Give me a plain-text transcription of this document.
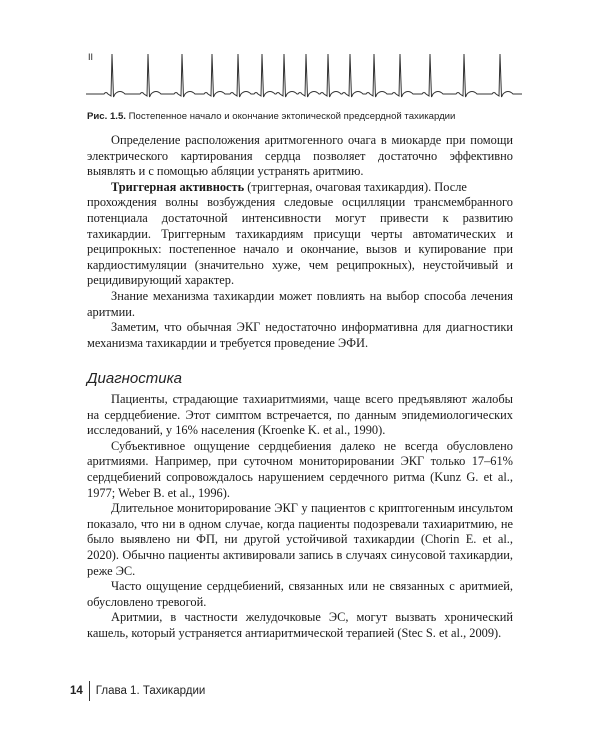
II
Рис. 1.5. Постепенное начало и окончание эктопической предсердной тахикардии

Определение расположения аритмогенного очага в миокарде при помощи электрического картирования сердца позволяет достаточно эффективно выявлять и с помощью абляции устранять аритмию.

Триггерная активность (триггерная, очаговая тахикардия). После

прохождения волны возбуждения следовые осцилляции трансмембранного потенциала достаточной интенсивности могут привести к развитию тахикардии. Триггерным тахикардиям присущи черты автоматических и реципрокных: постепенное начало и окончание, вызов и купирование при кардиостимуляции (значительно хуже, чем реципрокных), неустойчивый и рецидивирующий характер.

Знание механизма тахикардии может повлиять на выбор способа лечения аритмии.

Заметим, что обычная ЭКГ недостаточно информативна для диагностики механизма тахикардии и требуется проведение ЭФИ.

Диагностика

Пациенты, страдающие тахиаритмиями, чаще всего предъявляют жалобы на сердцебиение. Этот симптом встречается, по данным эпидемиологических исследований, у 16% населения (Kroenke K. et al., 1990).

Субъективное ощущение сердцебиения далеко не всегда обусловлено аритмиями. Например, при суточном мониторировании ЭКГ только 17–61% сердцебиений сопровождалось нарушением сердечного ритма (Kunz G. et al., 1977; Weber B. et al., 1996).

Длительное мониторирование ЭКГ у пациентов с криптогенным инсультом показало, что ни в одном случае, когда пациенты подозревали тахиаритмию, не было выявлено ни ФП, ни другой устойчивой тахикардии (Chorin E. et al., 2020). Обычно пациенты активировали запись в случаях синусовой тахикардии, реже ЭС.

Часто ощущение сердцебиений, связанных или не связанных с аритмией, обусловлено тревогой.

Аритмии, в частности желудочковые ЭС, могут вызвать хронический кашель, который устраняется антиаритмической терапией (Stec S. et al., 2009).

14 Глава 1. Тахикардии
